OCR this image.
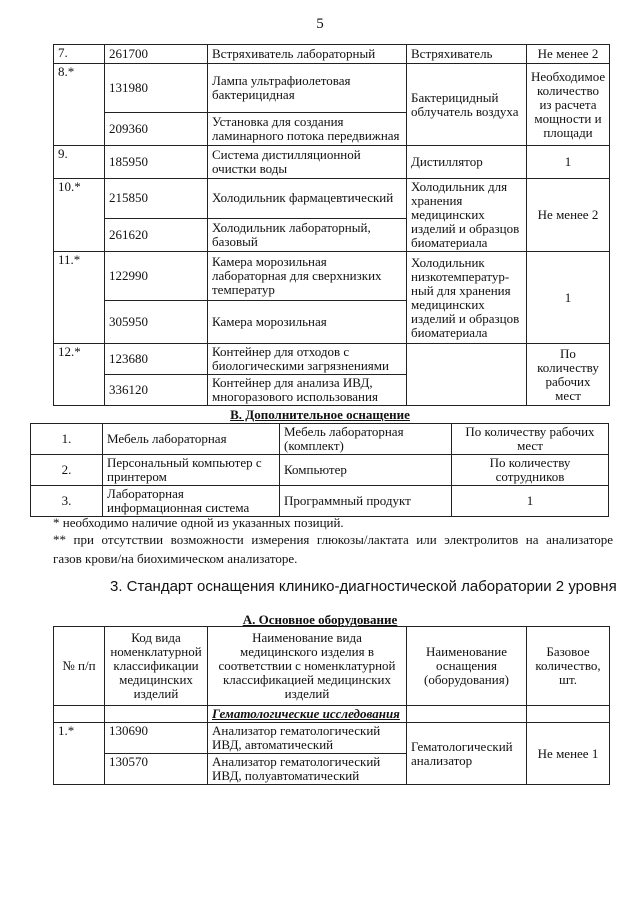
5
7.	261700	Встряхиватель лабораторный	Встряхиватель	Не менее 2
8.*	131980	Лампа ультрафиолетовая бактерицидная	Бактерицидный облучатель воздуха	Необходимое количество из расчета мощности и площади
	209360	Установка для создания ламинарного потока передвижная		
9.	185950	Система дистилляционной очистки воды	Дистиллятор	1
10.*	215850	Холодильник фармацевтический	Холодильник для хранения медицинских изделий и образцов биоматериала	Не менее 2
	261620	Холодильник лабораторный, базовый		
11.*	122990	Камера морозильная лабораторная для сверхнизких температур	Холодильник низкотемператур-ный для хранения медицинских изделий и образцов биоматериала	1
	305950	Камера морозильная		
12.*	123680	Контейнер для отходов с биологическими загрязнениями		По количеству рабочих мест
	336120	Контейнер для анализа ИВД, многоразового использования		
В. Дополнительное оснащение
1.	Мебель лабораторная	Мебель лабораторная (комплект)	По количеству рабочих мест
2.	Персональный компьютер с принтером	Компьютер	По количеству сотрудников
3.	Лабораторная информационная система	Программный продукт	1
* необходимо наличие одной из указанных позиций.
** при отсутствии возможности измерения глюкозы/лактата или электролитов на анализаторе
газов крови/на биохимическом анализаторе.
3. Стандарт оснащения клинико-диагностической лаборатории 2 уровня
А. Основное оборудование
№ п/п	Код вида номенклатурной классификации медицинских изделий	Наименование вида медицинского изделия в соответствии с номенклатурной классификацией медицинских изделий	Наименование оснащения (оборудования)	Базовое количество, шт.
		Гематологические исследования		
1.*	130690	Анализатор гематологический ИВД, автоматический	Гематологический анализатор	Не менее 1
	130570	Анализатор гематологический ИВД, полуавтоматический		
